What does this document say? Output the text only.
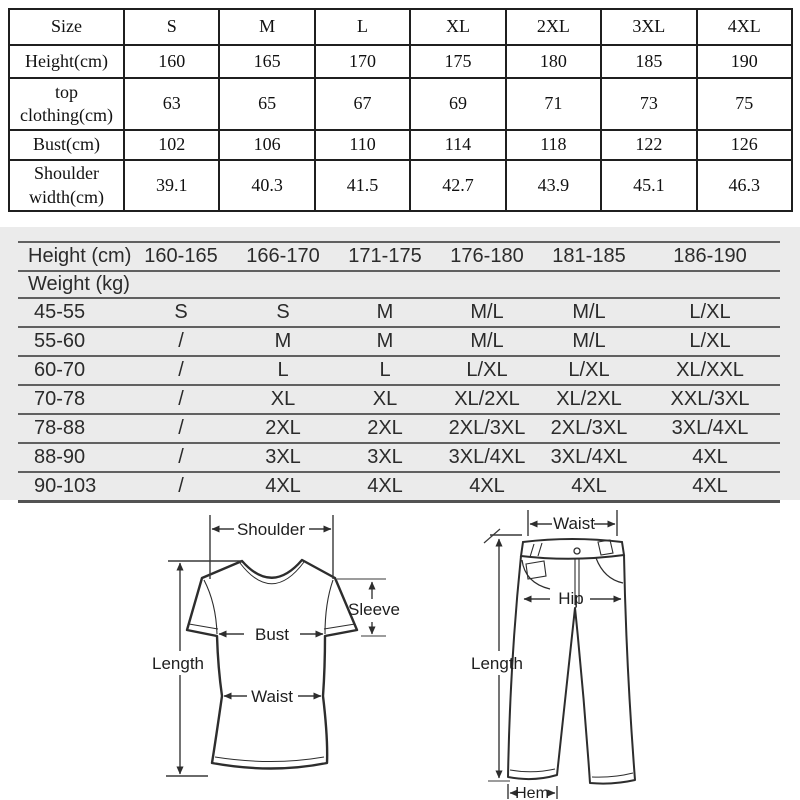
Size	S	M	L	XL	2XL	3XL	4XL
Height(cm)	160	165	170	175	180	185	190
top clothing(cm)	63	65	67	69	71	73	75
Bust(cm)	102	106	110	114	118	122	126
Shoulder width(cm)	39.1	40.3	41.5	42.7	43.9	45.1	46.3
Height (cm)	160-165	166-170	171-175	176-180	181-185	186-190
Weight (kg)						
45-55	S	S	M	M/L	M/L	L/XL
55-60	/	M	M	M/L	M/L	L/XL
60-70	/	L	L	L/XL	L/XL	XL/XXL
70-78	/	XL	XL	XL/2XL	XL/2XL	XXL/3XL
78-88	/	2XL	2XL	2XL/3XL	2XL/3XL	3XL/4XL
88-90	/	3XL	3XL	3XL/4XL	3XL/4XL	4XL
90-103	/	4XL	4XL	4XL	4XL	4XL
Shoulder
Sleeve
Bust
Length
Waist
Waist
Hip
Length
Hem
